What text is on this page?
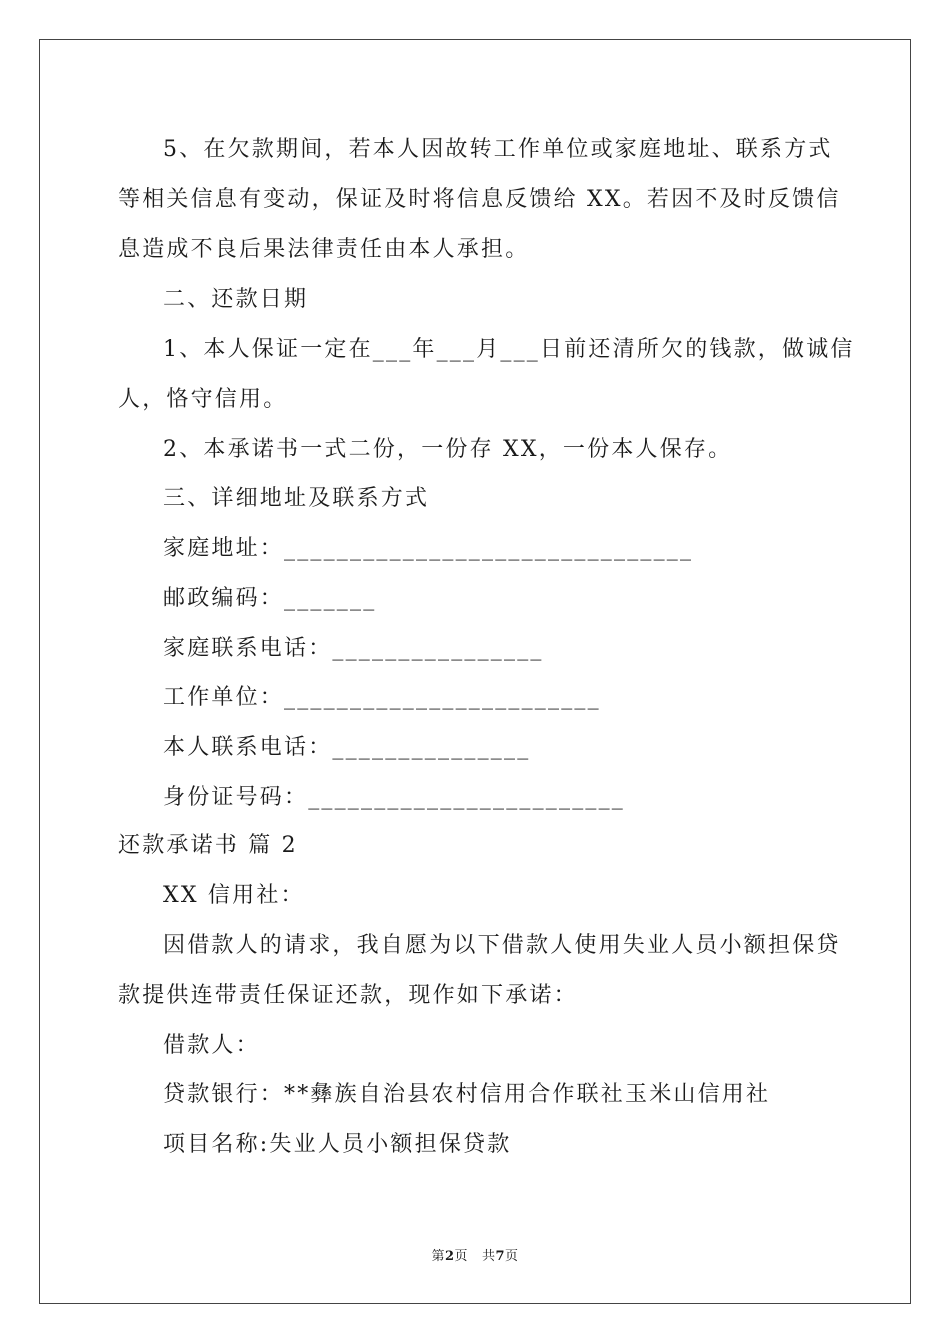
5、在欠款期间，若本人因故转工作单位或家庭地址、联系方式
等相关信息有变动，保证及时将信息反馈给 XX。若因不及时反馈信
息造成不良后果法律责任由本人承担。
二、还款日期
1、本人保证一定在___年___月___日前还清所欠的钱款，做诚信
人，恪守信用。
2、本承诺书一式二份，一份存 XX，一份本人保存。
三、详细地址及联系方式
家庭地址：_______________________________
邮政编码：_______
家庭联系电话：________________
工作单位：________________________
本人联系电话：_______________
身份证号码：________________________
还款承诺书 篇 2
XX 信用社：
因借款人的请求，我自愿为以下借款人使用失业人员小额担保贷
款提供连带责任保证还款，现作如下承诺：
借款人：
贷款银行：**彝族自治县农村信用合作联社玉米山信用社
项目名称:失业人员小额担保贷款
第2页 共7页
